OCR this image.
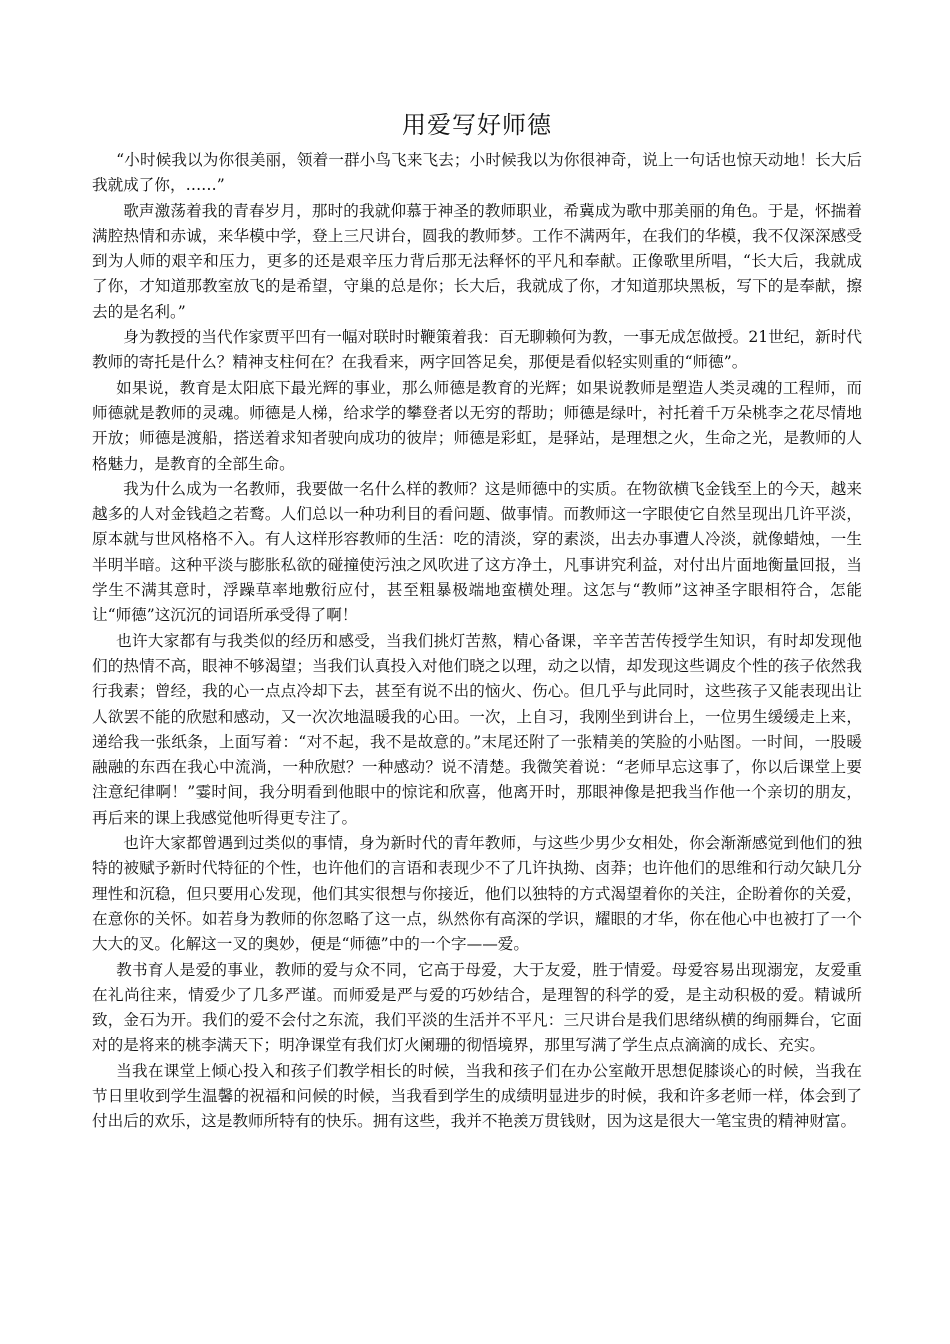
用爱写好师德

“小时候我以为你很美丽，领着一群小鸟飞来飞去；小时候我以为你很神奇，说上一句话也惊天动地！长大后我就成了你，……”

歌声激荡着我的青春岁月，那时的我就仰慕于神圣的教师职业，希冀成为歌中那美丽的角色。于是，怀揣着满腔热情和赤诚，来华模中学，登上三尺讲台，圆我的教师梦。工作不满两年，在我们的华模，我不仅深深感受到为人师的艰辛和压力，更多的还是艰辛压力背后那无法释怀的平凡和奉献。正像歌里所唱，“长大后，我就成了你，才知道那教室放飞的是希望，守巢的总是你；长大后，我就成了你，才知道那块黑板，写下的是奉献，擦去的是名利。”

身为教授的当代作家贾平凹有一幅对联时时鞭策着我：百无聊赖何为教，一事无成怎做授。21世纪，新时代教师的寄托是什么？精神支柱何在？在我看来，两字回答足矣，那便是看似轻实则重的“师德”。

如果说，教育是太阳底下最光辉的事业，那么师德是教育的光辉；如果说教师是塑造人类灵魂的工程师，而师德就是教师的灵魂。师德是人梯，给求学的攀登者以无穷的帮助；师德是绿叶，衬托着千万朵桃李之花尽情地开放；师德是渡船，搭送着求知者驶向成功的彼岸；师德是彩虹，是驿站，是理想之火，生命之光，是教师的人格魅力，是教育的全部生命。

我为什么成为一名教师，我要做一名什么样的教师？这是师德中的实质。在物欲横飞金钱至上的今天，越来越多的人对金钱趋之若鹜。人们总以一种功利目的看问题、做事情。而教师这一字眼使它自然呈现出几许平淡，原本就与世风格格不入。有人这样形容教师的生活：吃的清淡，穿的素淡，出去办事遭人冷淡，就像蜡烛，一生半明半暗。这种平淡与膨胀私欲的碰撞使污浊之风吹进了这方净土，凡事讲究利益，对付出片面地衡量回报，当学生不满其意时，浮躁草率地敷衍应付，甚至粗暴极端地蛮横处理。这怎与“教师”这神圣字眼相符合，怎能让“师德”这沉沉的词语所承受得了啊！

也许大家都有与我类似的经历和感受，当我们挑灯苦熬，精心备课，辛辛苦苦传授学生知识，有时却发现他们的热情不高，眼神不够渴望；当我们认真投入对他们晓之以理，动之以情，却发现这些调皮个性的孩子依然我行我素；曾经，我的心一点点冷却下去，甚至有说不出的恼火、伤心。但几乎与此同时，这些孩子又能表现出让人欲罢不能的欣慰和感动，又一次次地温暖我的心田。一次，上自习，我刚坐到讲台上，一位男生缓缓走上来，递给我一张纸条，上面写着：“对不起，我不是故意的。”末尾还附了一张精美的笑脸的小贴图。一时间，一股暖融融的东西在我心中流淌，一种欣慰？一种感动？说不清楚。我微笑着说：“老师早忘这事了，你以后课堂上要注意纪律啊！”霎时间，我分明看到他眼中的惊诧和欣喜，他离开时，那眼神像是把我当作他一个亲切的朋友，再后来的课上我感觉他听得更专注了。

也许大家都曾遇到过类似的事情，身为新时代的青年教师，与这些少男少女相处，你会渐渐感觉到他们的独特的被赋予新时代特征的个性，也许他们的言语和表现少不了几许执拗、卤莽；也许他们的思维和行动欠缺几分理性和沉稳，但只要用心发现，他们其实很想与你接近，他们以独特的方式渴望着你的关注，企盼着你的关爱，在意你的关怀。如若身为教师的你忽略了这一点，纵然你有高深的学识，耀眼的才华，你在他心中也被打了一个大大的叉。化解这一叉的奥妙，便是“师德”中的一个字——爱。

教书育人是爱的事业，教师的爱与众不同，它高于母爱，大于友爱，胜于情爱。母爱容易出现溺宠，友爱重在礼尚往来，情爱少了几多严谨。而师爱是严与爱的巧妙结合，是理智的科学的爱，是主动积极的爱。精诚所致，金石为开。我们的爱不会付之东流，我们平淡的生活并不平凡：三尺讲台是我们思绪纵横的绚丽舞台，它面对的是将来的桃李满天下；明净课堂有我们灯火阑珊的彻悟境界，那里写满了学生点点滴滴的成长、充实。

当我在课堂上倾心投入和孩子们教学相长的时候，当我和孩子们在办公室敞开思想促膝谈心的时候，当我在节日里收到学生温馨的祝福和问候的时候，当我看到学生的成绩明显进步的时候，我和许多老师一样，体会到了付出后的欢乐，这是教师所特有的快乐。拥有这些，我并不艳羡万贯钱财，因为这是很大一笔宝贵的精神财富。
